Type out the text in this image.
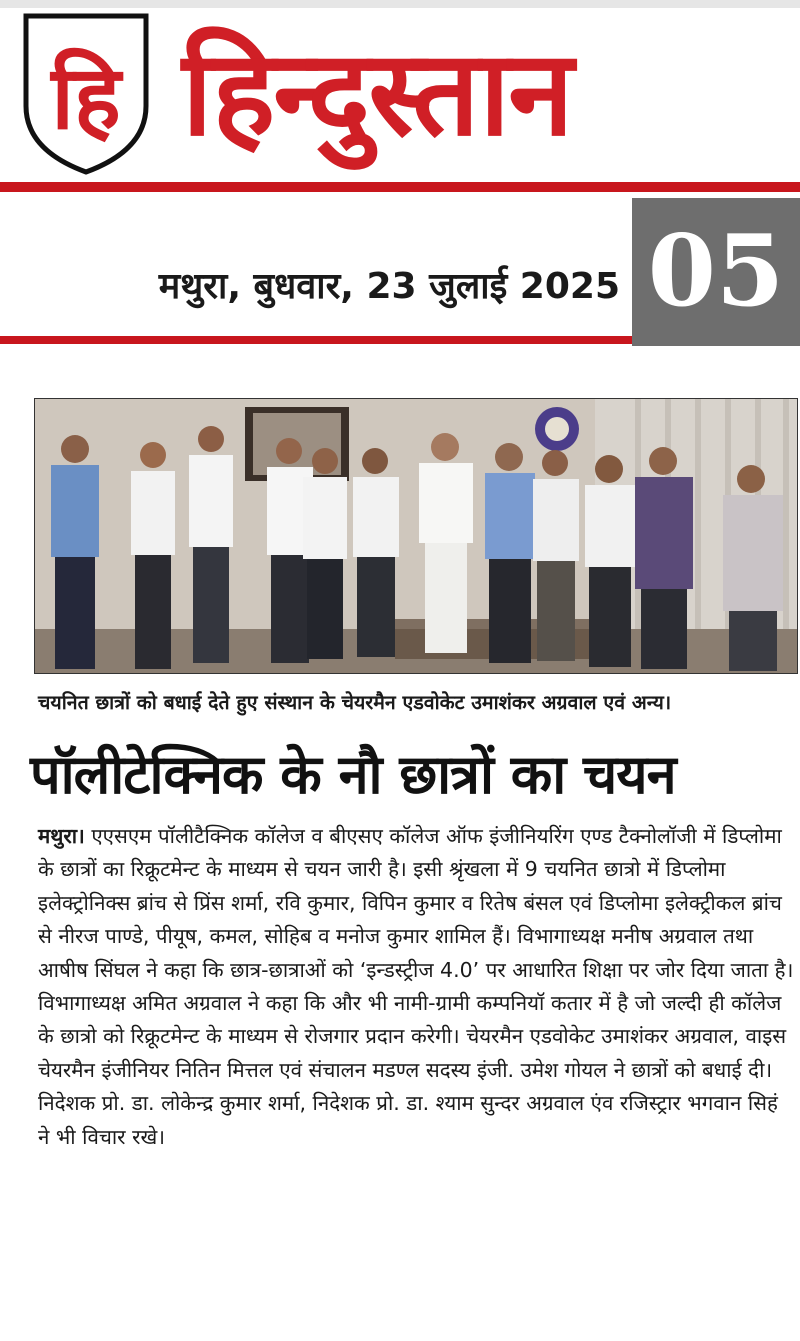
हि हिन्दुस्तान
मथुरा, बुधवार, 23 जुलाई 2025 05
चयनित छात्रों को बधाई देते हुए संस्थान के चेयरमैन एडवोकेट उमाशंकर अग्रवाल एवं अन्य।
पॉलीटेक्निक के नौ छात्रों का चयन
मथुरा। एएसएम पॉलीटैक्निक कॉलेज व बीएसए कॉलेज ऑफ इंजीनियरिंग एण्ड टैक्नोलॉजी में डिप्लोमा के छात्रों का रिक्रूटमेन्ट के माध्यम से चयन जारी है। इसी श्रृंखला में 9 चयनित छात्रो में डिप्लोमा इलेक्ट्रोनिक्स ब्रांच से प्रिंस शर्मा, रवि कुमार, विपिन कुमार व रितेष बंसल एवं डिप्लोमा इलेक्ट्रीकल ब्रांच से नीरज पाण्डे, पीयूष, कमल, सोहिब व मनोज कुमार शामिल हैं। विभागाध्यक्ष मनीष अग्रवाल तथा आषीष सिंघल ने कहा कि छात्र-छात्राओं को ‘इन्डस्ट्रीज 4.0’ पर आधारित शिक्षा पर जोर दिया जाता है। विभागाध्यक्ष अमित अग्रवाल ने कहा कि और भी नामी-ग्रामी कम्पनियॉ कतार में है जो जल्दी ही कॉलेज के छात्रो को रिक्रूटमेन्ट के माध्यम से रोजगार प्रदान करेगी। चेयरमैन एडवोकेट उमाशंकर अग्रवाल, वाइस चेयरमैन इंजीनियर नितिन मित्तल एवं संचालन मडण्ल सदस्य इंजी. उमेश गोयल ने छात्रों को बधाई दी। निदेशक प्रो. डा. लोकेन्द्र कुमार शर्मा, निदेशक प्रो. डा. श्याम सुन्दर अग्रवाल एंव रजिस्ट्रार भगवान सिहं ने भी विचार रखे।
